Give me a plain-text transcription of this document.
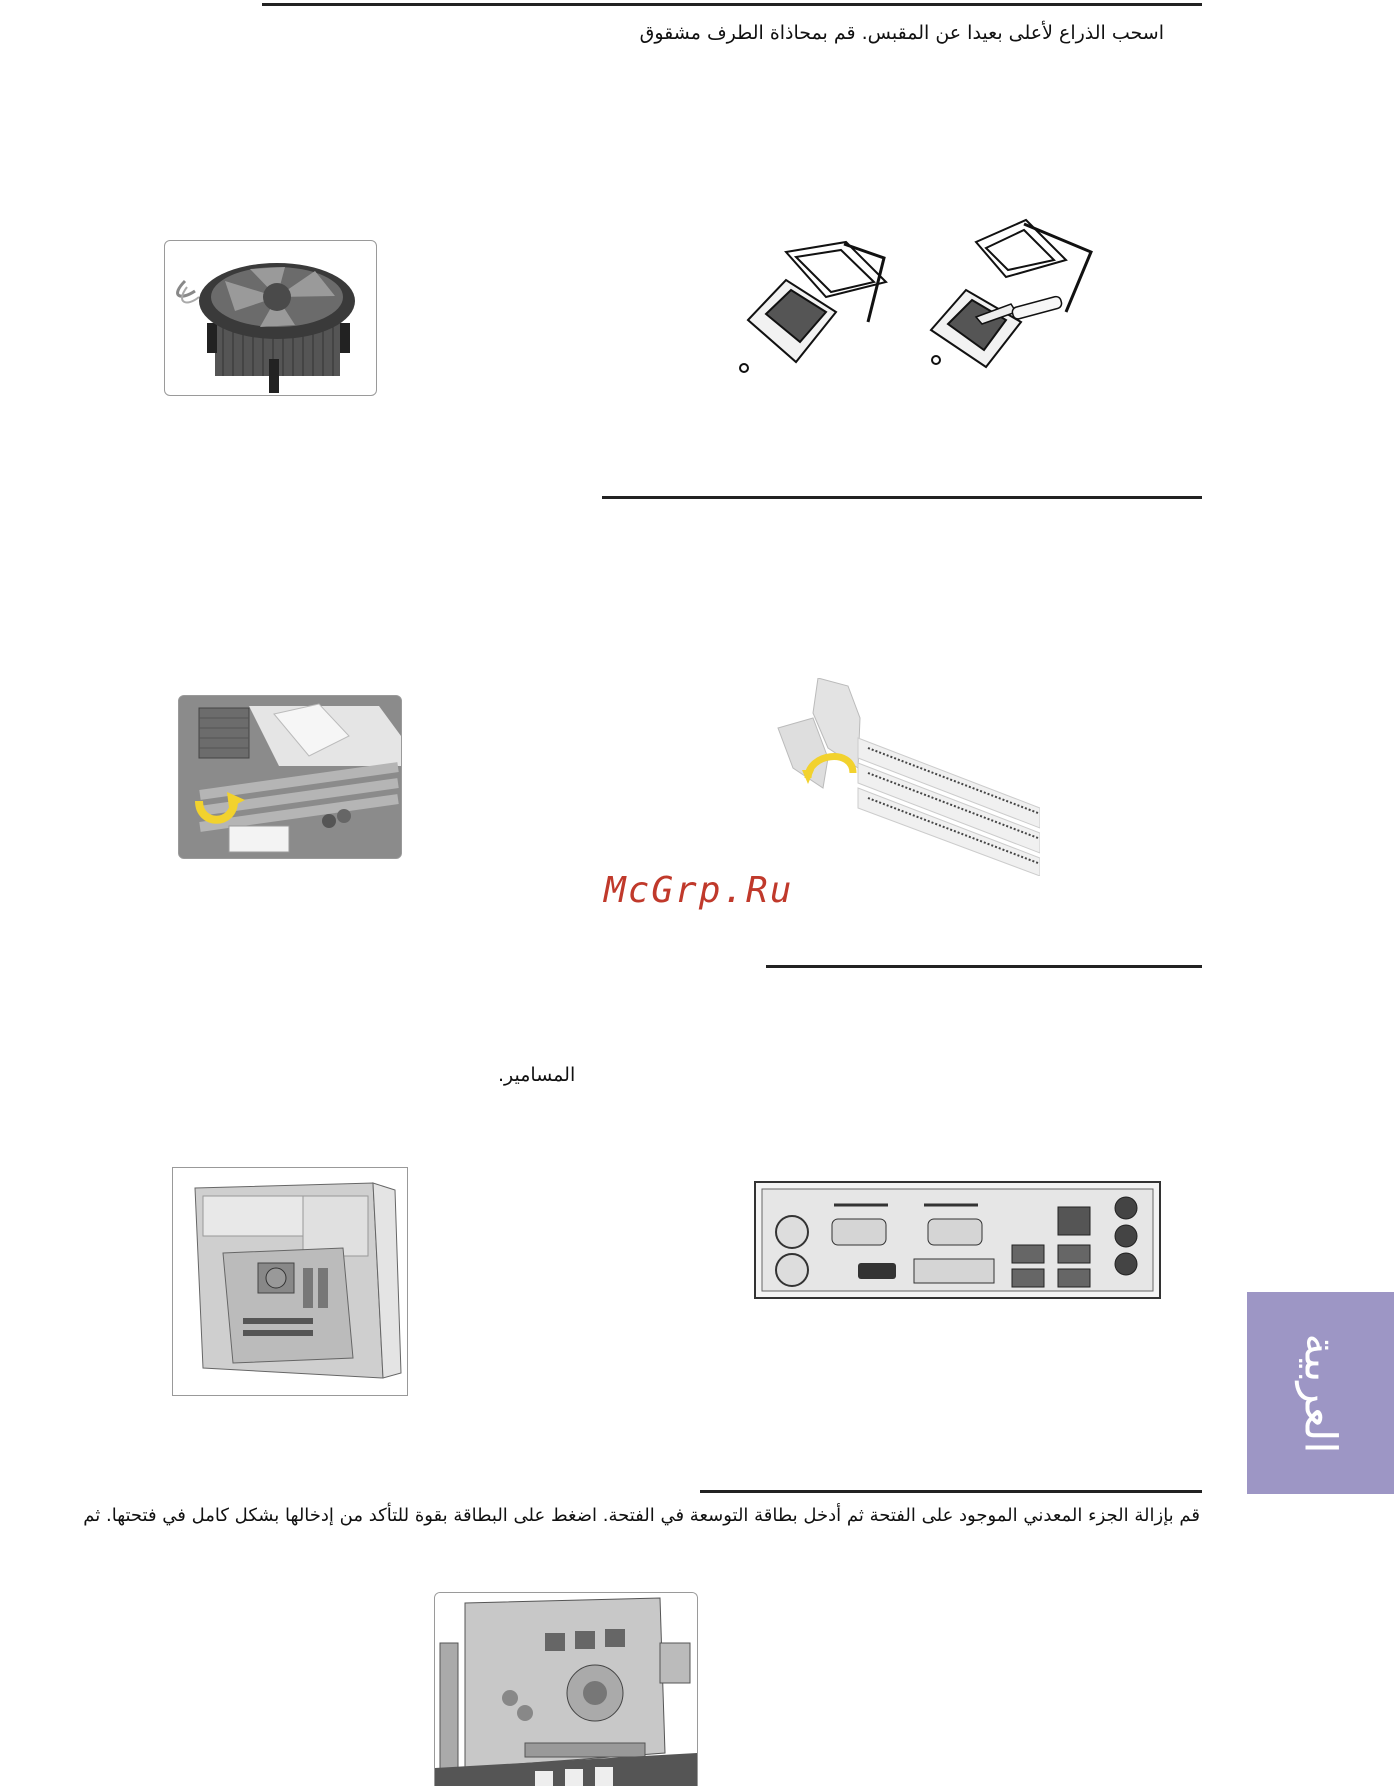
اسحب الذراع لأعلى بعيدا عن المقبس. قم بمحاذاة الطرف مشقوق
McGrp.Ru
المسامير.
قم بإزالة الجزء المعدني الموجود على الفتحة ثم أدخل بطاقة التوسعة في الفتحة. اضغط على البطاقة بقوة للتأكد من إدخالها بشكل كامل في فتحتها. ثم
العربية
